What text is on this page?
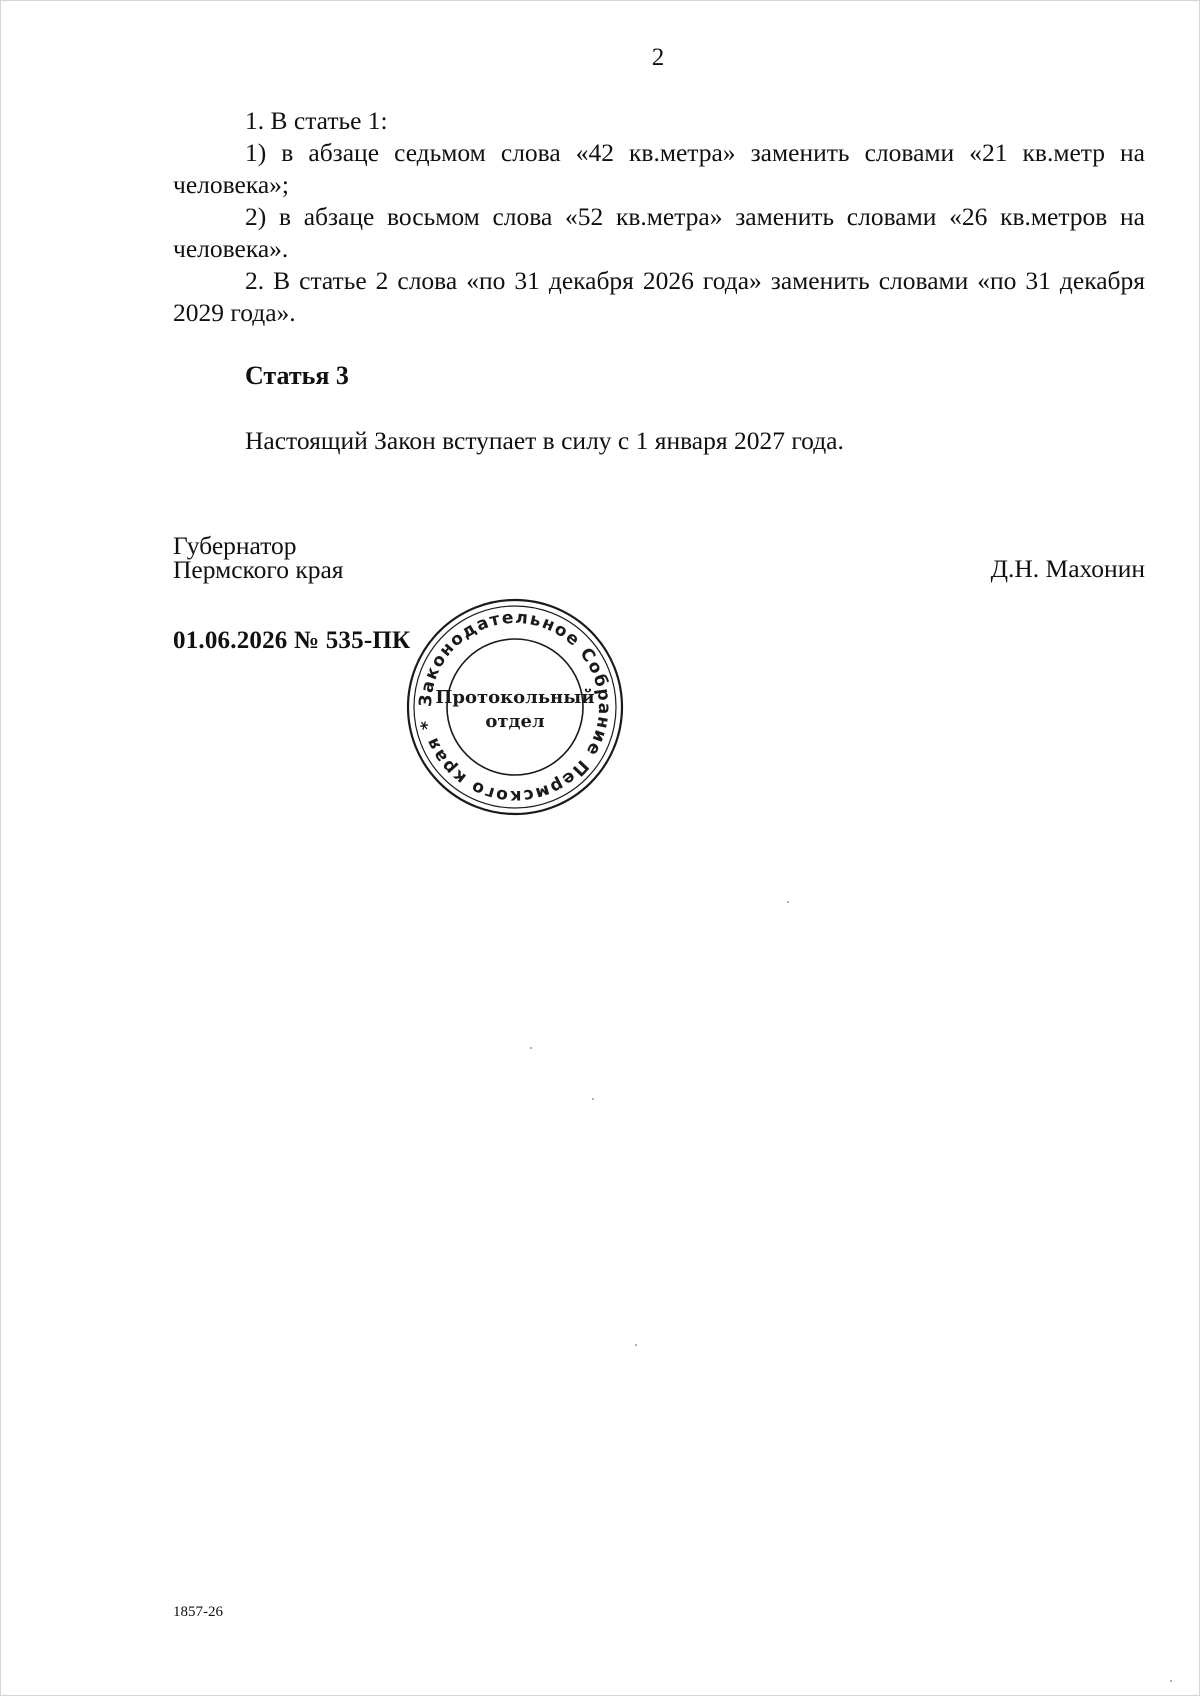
2

1. В статье 1:

1) в абзаце седьмом слова «42 кв.метра» заменить словами «21 кв.метр на человека»;

2) в абзаце восьмом слова «52 кв.метра» заменить словами «26 кв.метров на человека».

2. В статье 2 слова «по 31 декабря 2026 года» заменить словами «по 31 декабря 2029 года».

Статья 3
Настоящий Закон вступает в силу с 1 января 2027 года.
Губернатор
Пермского края	Д.Н. Махонин
01.06.2026 № 535-ПК
Законодательное Собрание Пермского края *
Протокольный
отдел
1857-26
